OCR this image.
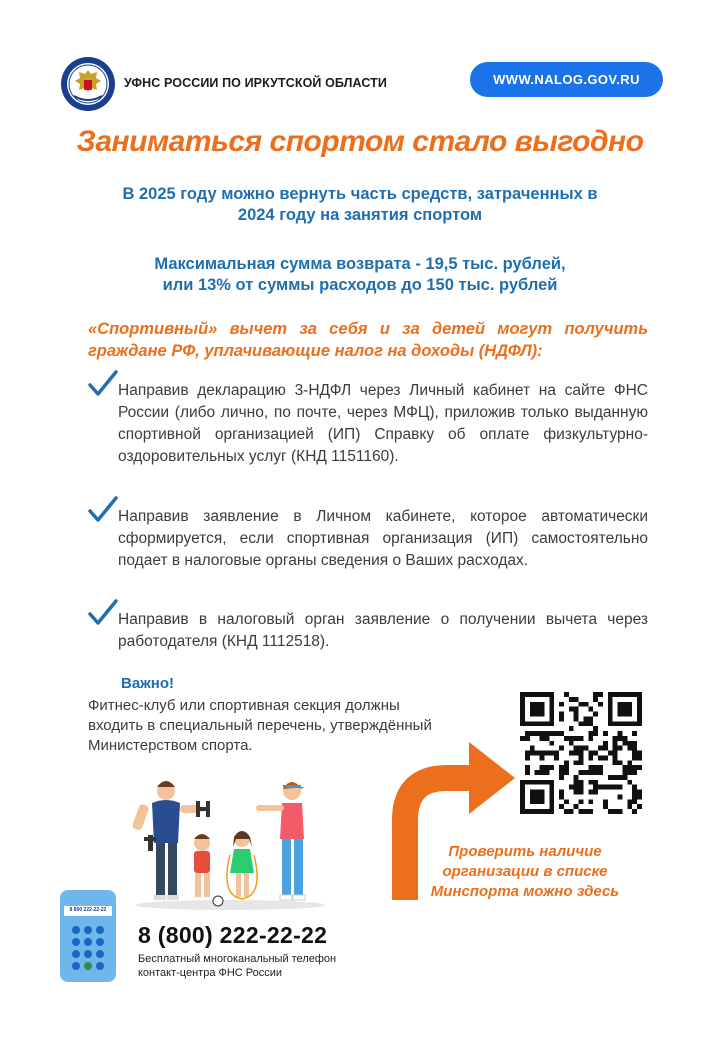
УФНС РОССИИ ПО ИРКУТСКОЙ ОБЛАСТИ	WWW.NALOG.GOV.RU
Заниматься спортом стало выгодно
В 2025 году можно вернуть часть средств, затраченных в
2024 году на занятия спортом
Максимальная сумма возврата - 19,5 тыс. рублей,
или 13% от суммы расходов до 150 тыс. рублей
«Спортивный» вычет за себя и за детей могут получить граждане РФ, уплачивающие налог на доходы (НДФЛ):
Направив декларацию 3-НДФЛ через Личный кабинет на сайте ФНС России (либо лично, по почте, через МФЦ), приложив только выданную спортивной организацией (ИП) Справку об оплате физкультурно-оздоровительных услуг (КНД 1151160).
Направив заявление в Личном кабинете, которое автоматически сформируется, если спортивная организация (ИП) самостоятельно подает в налоговые органы сведения о Ваших расходах.
Направив в налоговый орган заявление о получении вычета через работодателя (КНД 1112518).
Важно!
Фитнес-клуб или спортивная секция должны входить в специальный перечень, утверждённый Министерством спорта.
Проверить наличие
организации в списке
Минспорта можно здесь
8 800 222-22-22
8 (800) 222-22-22
Бесплатный многоканальный телефон
контакт-центра ФНС России
